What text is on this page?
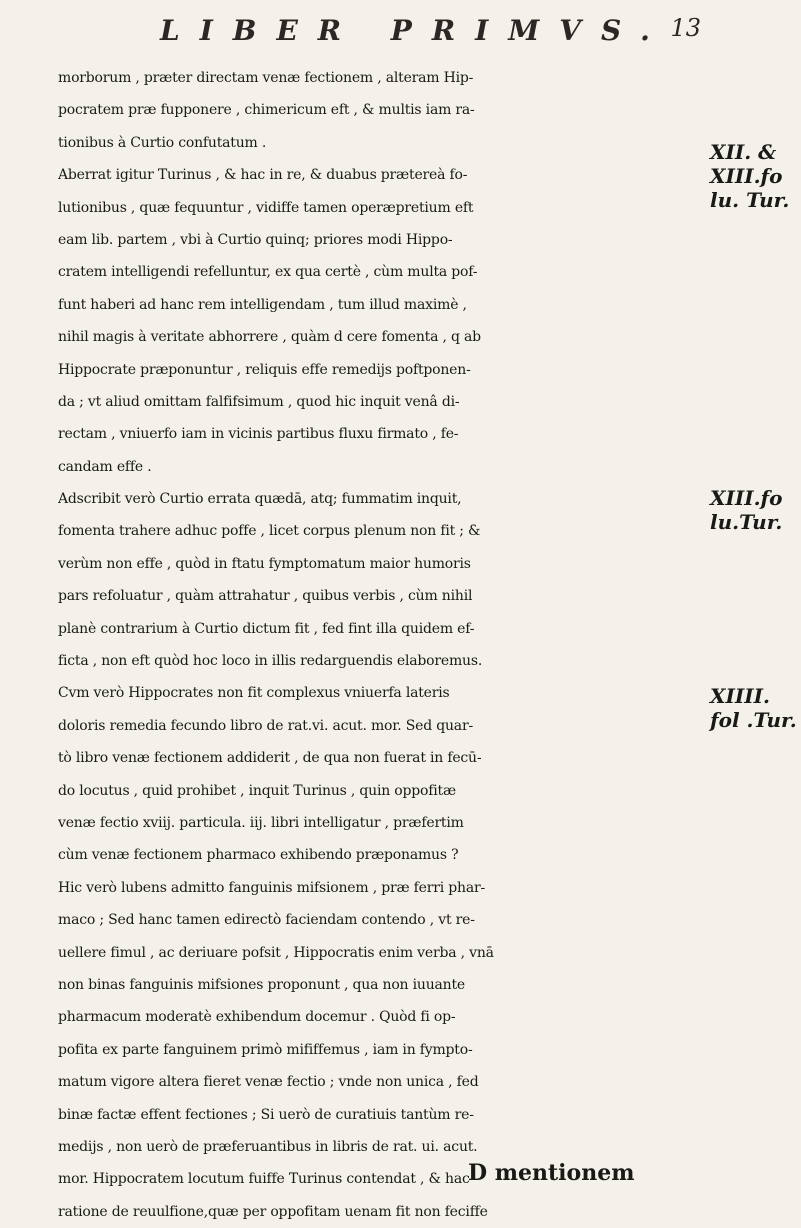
LIBER PRIMVS. 13
morborum , præter directam venæ fectionem , alteram Hip-
pocratem præ fupponere , chimericum eft , & multis iam ra-
tionibus à Curtio confutatum .
Aberrat igitur Turinus , & hac in re, & duabus prætereà fo-
lutionibus , quæ fequuntur , vidiffe tamen operæpretium eft
eam lib. partem , vbi à Curtio quinq; priores modi Hippo-
cratem intelligendi refelluntur, ex qua certè , cùm multa pof-
funt haberi ad hanc rem intelligendam , tum illud maximè ,
nihil magis à veritate abhorrere , quàm d cere fomenta , q ab
Hippocrate præponuntur , reliquis effe remedijs poftponen-
da ; vt aliud omittam falfifsimum , quod hic inquit venâ di-
rectam , vniuerfo iam in vicinis partibus fluxu firmato , fe-
candam effe .
Adscribit verò Curtio errata quædā, atq; fummatim inquit,
fomenta trahere adhuc poffe , licet corpus plenum non fit ; &
verùm non effe , quòd in ftatu fymptomatum maior humoris
pars refoluatur , quàm attrahatur , quibus verbis , cùm nihil
planè contrarium à Curtio dictum fit , fed fint illa quidem ef-
ficta , non eft quòd hoc loco in illis redarguendis elaboremus.
Cvm verò Hippocrates non fit complexus vniuerfa lateris
doloris remedia fecundo libro de rat.vi. acut. mor. Sed quar-
tò libro venæ fectionem addiderit , de qua non fuerat in fecū-
do locutus , quid prohibet , inquit Turinus , quin oppofitæ
venæ fectio xviij. particula. iij. libri intelligatur , præfertim
cùm venæ fectionem pharmaco exhibendo præponamus ?
Hic verò lubens admitto fanguinis mifsionem , præ ferri phar-
maco ; Sed hanc tamen edirectò faciendam contendo , vt re-
uellere fimul , ac deriuare pofsit , Hippocratis enim verba , vnā
non binas fanguinis mifsiones proponunt , qua non iuuante
pharmacum moderatè exhibendum docemur . Quòd fi op-
pofita ex parte fanguinem primò mififfemus , iam in fympto-
matum vigore altera fieret venæ fectio ; vnde non unica , fed
binæ factæ effent fectiones ; Si uerò de curatiuis tantùm re-
medijs , non uerò de præferuantibus in libris de rat. ui. acut.
mor. Hippocratem locutum fuiffe Turinus contendat , & hac
ratione de reuulfione,quæ per oppofitam uenam fit non feciffe
XII. &
XIII.fo
lu. Tur.
XIII.fo
lu.Tur.
XIIII.
fol .Tur.
D mentionem
